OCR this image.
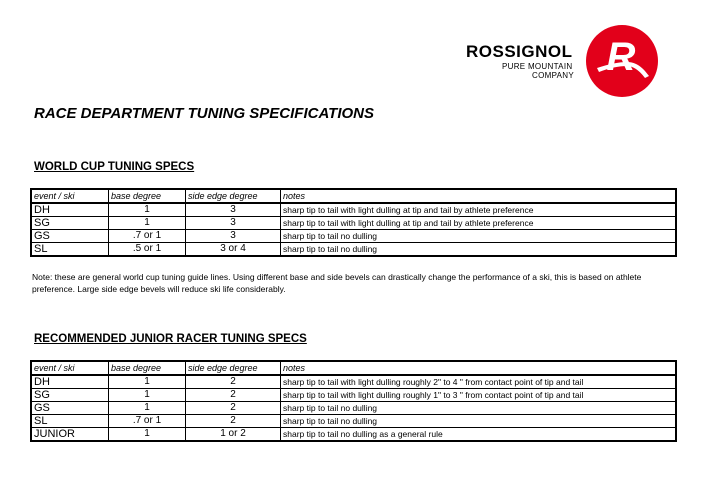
ROSSIGNOL
PURE MOUNTAIN
COMPANY R
RACE DEPARTMENT TUNING SPECIFICATIONS
WORLD CUP TUNING SPECS
event / ski	base degree	side edge degree	notes
DH	1	3	sharp tip to tail with light dulling at tip and tail by athlete preference
SG	1	3	sharp tip to tail with light dulling at tip and tail by athlete preference
GS	.7 or 1	3	sharp tip to tail no dulling
SL	.5 or 1	3 or 4	sharp tip to tail no dulling
Note: these are general world cup tuning guide lines. Using different base and side bevels can drastically change the performance of a ski, this is based on athlete preference. Large side edge bevels will reduce ski life considerably.
RECOMMENDED JUNIOR RACER TUNING SPECS
event / ski	base degree	side edge degree	notes
DH	1	2	sharp tip to tail with light dulling roughly 2" to 4 " from contact point of tip and tail
SG	1	2	sharp tip to tail with light dulling roughly 1" to 3 " from contact point of tip and tail
GS	1	2	sharp tip to tail no dulling
SL	.7 or 1	2	sharp tip to tail no dulling
JUNIOR	1	1 or 2	sharp tip to tail no dulling as a general rule
